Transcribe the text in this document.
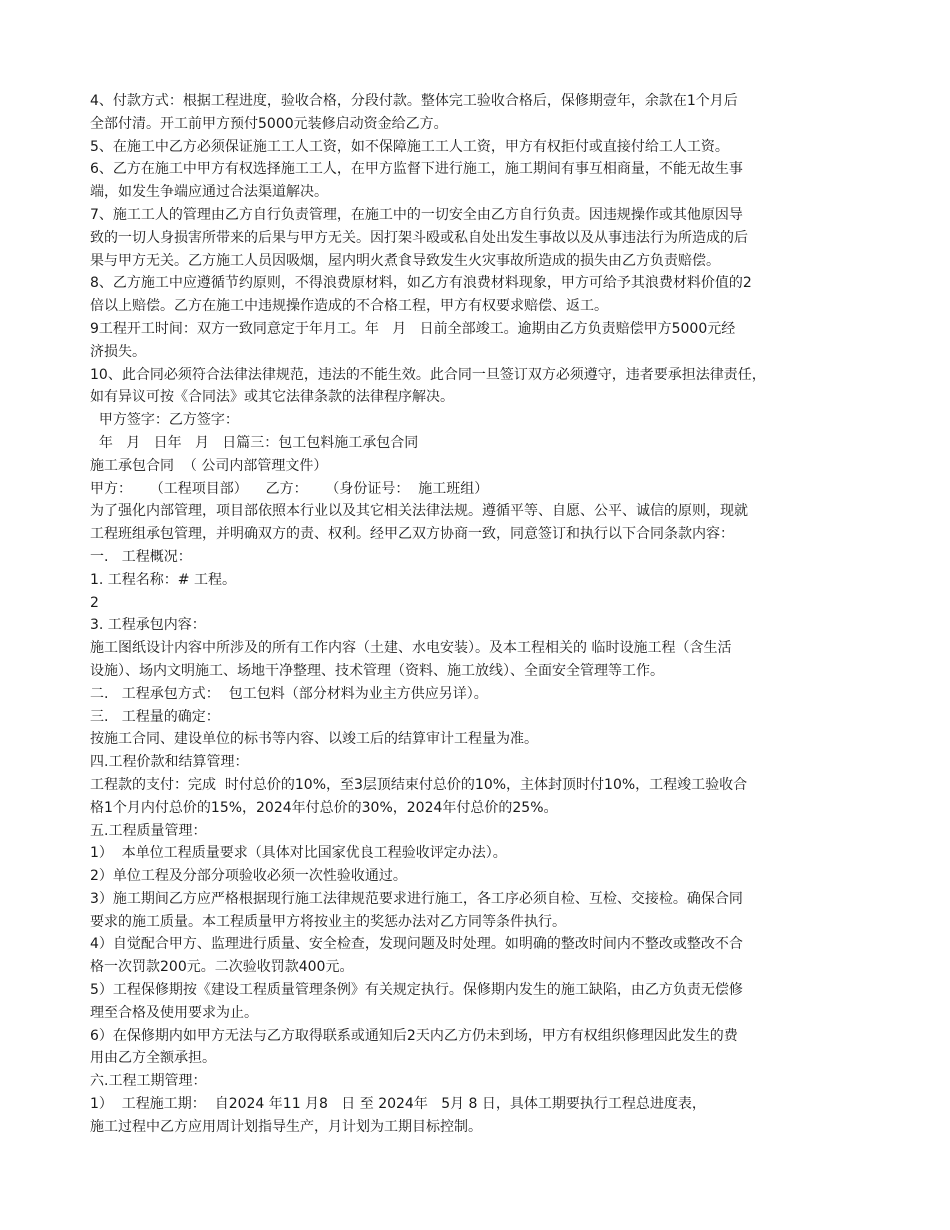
4、付款方式：根据工程进度，验收合格，分段付款。整体完工验收合格后，保修期壹年，余款在1个月后

全部付清。开工前甲方预付5000元装修启动资金给乙方。

5、在施工中乙方必须保证施工工人工资，如不保障施工工人工资，甲方有权拒付或直接付给工人工资。

6、乙方在施工中甲方有权选择施工工人，在甲方监督下进行施工，施工期间有事互相商量，不能无故生事

端，如发生争端应通过合法渠道解决。

7、施工工人的管理由乙方自行负责管理，在施工中的一切安全由乙方自行负责。因违规操作或其他原因导

致的一切人身损害所带来的后果与甲方无关。因打架斗殴或私自处出发生事故以及从事违法行为所造成的后

果与甲方无关。乙方施工人员因吸烟，屋内明火煮食导致发生火灾事故所造成的损失由乙方负责赔偿。

8、乙方施工中应遵循节约原则，不得浪费原材料，如乙方有浪费材料现象，甲方可给予其浪费材料价值的2

倍以上赔偿。乙方在施工中违规操作造成的不合格工程，甲方有权要求赔偿、返工。

9工程开工时间：双方一致同意定于年月工。年   月   日前全部竣工。逾期由乙方负责赔偿甲方5000元经

济损失。

10、此合同必须符合法律法律规范，违法的不能生效。此合同一旦签订双方必须遵守，违者要承担法律责任，

如有异议可按《合同法》或其它法律条款的法律程序解决。

甲方签字：乙方签字：

年   月   日年   月   日篇三：包工包料施工承包合同

施工承包合同  （ 公司内部管理文件）

甲方：    （工程项目部）    乙方：    （身份证号：  施工班组）

为了强化内部管理，项目部依照本行业以及其它相关法律法规。遵循平等、自愿、公平、诚信的原则，现就

工程班组承包管理，并明确双方的责、权利。经甲乙双方协商一致，同意签订和执行以下合同条款内容：

一.   工程概况：

1. 工程名称：# 工程。

2

3. 工程承包内容：

施工图纸设计内容中所涉及的所有工作内容（土建、水电安装）。及本工程相关的 临时设施工程（含生活

设施）、场内文明施工、场地干净整理、技术管理（资料、施工放线）、全面安全管理等工作。

二.   工程承包方式：  包工包料（部分材料为业主方供应另详）。

三.   工程量的确定：

按施工合同、建设单位的标书等内容、以竣工后的结算审计工程量为准。

四.工程价款和结算管理：

工程款的支付：完成  时付总价的10%，至3层顶结束付总价的10%，主体封顶时付10%，工程竣工验收合

格1个月内付总价的15%，2024年付总价的30%，2024年付总价的25%。

五.工程质量管理：

1）  本单位工程质量要求（具体对比国家优良工程验收评定办法）。

2）单位工程及分部分项验收必须一次性验收通过。

3）施工期间乙方应严格根据现行施工法律规范要求进行施工，各工序必须自检、互检、交接检。确保合同

要求的施工质量。本工程质量甲方将按业主的奖惩办法对乙方同等条件执行。

4）自觉配合甲方、监理进行质量、安全检查，发现问题及时处理。如明确的整改时间内不整改或整改不合

格一次罚款200元。二次验收罚款400元。

5）工程保修期按《建设工程质量管理条例》有关规定执行。保修期内发生的施工缺陷，由乙方负责无偿修

理至合格及使用要求为止。

6）在保修期内如甲方无法与乙方取得联系或通知后2天内乙方仍未到场，甲方有权组织修理因此发生的费

用由乙方全额承担。

六.工程工期管理：

1）  工程施工期：  自2024 年11 月8   日 至 2024年   5月 8 日，具体工期要执行工程总进度表，

施工过程中乙方应用周计划指导生产，月计划为工期目标控制。
